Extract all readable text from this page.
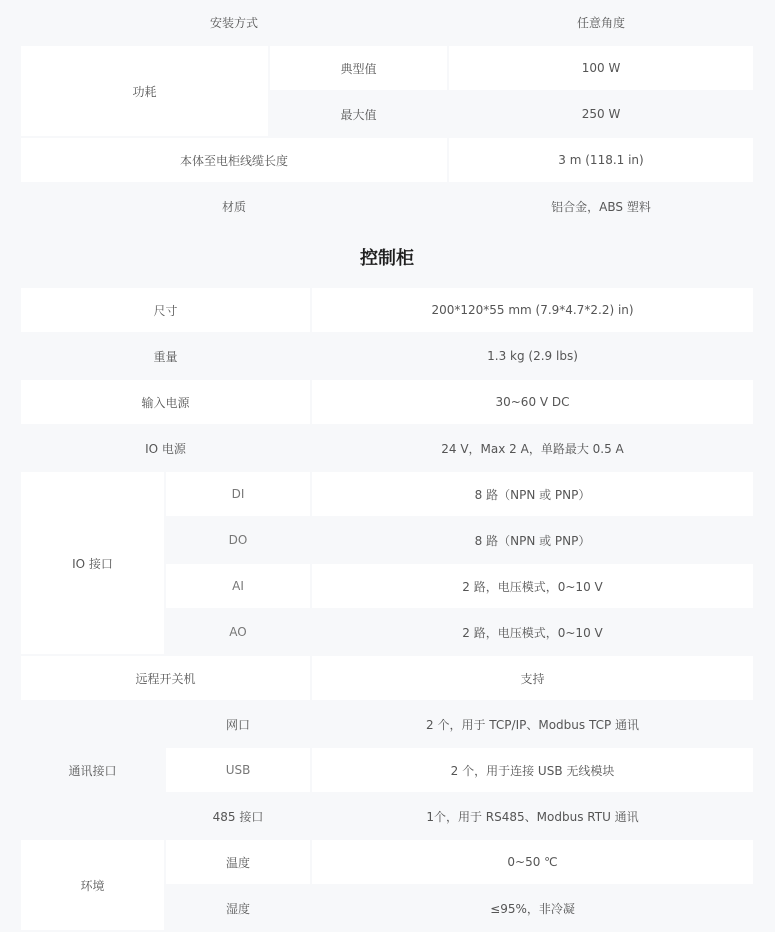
安装方式		任意角度
功耗	典型值	100 W
	最大值	250 W
本体至电柜线缆长度		3 m (118.1 in)
材质		铝合金，ABS 塑料
控制柜
尺寸		200*120*55 mm (7.9*4.7*2.2) in)
重量		1.3 kg (2.9 lbs)
输入电源		30~60 V DC
IO 电源		24 V，Max 2 A，单路最大 0.5 A
IO 接口	DI	8 路（NPN 或 PNP）
	DO	8 路（NPN 或 PNP）
	AI	2 路，电压模式，0~10 V
	AO	2 路，电压模式，0~10 V
远程开关机		支持
通讯接口	网口	2 个，用于 TCP/IP、Modbus TCP 通讯
	USB	2 个，用于连接 USB 无线模块
	485 接口	1个，用于 RS485、Modbus RTU 通讯
环境	温度	0~50 ℃
	湿度	≤95%，非冷凝
